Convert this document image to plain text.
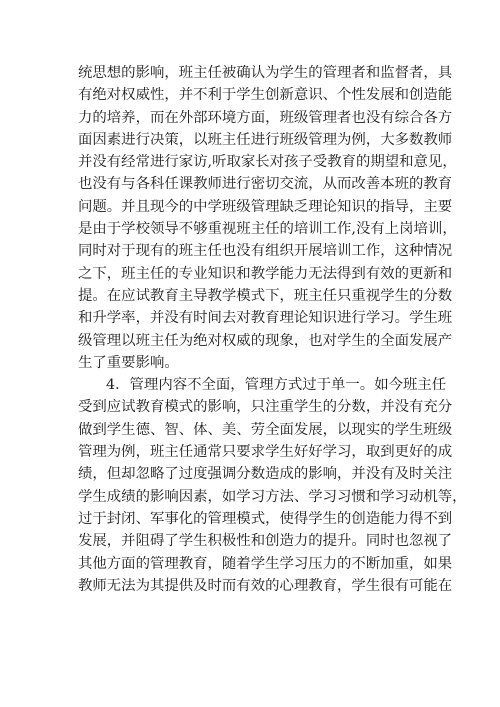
统思想的影响，班主任被确认为学生的管理者和监督者，具
有绝对权威性，并不利于学生创新意识、个性发展和创造能
力的培养，而在外部环境方面，班级管理者也没有综合各方
面因素进行决策，以班主任进行班级管理为例，大多数教师
并没有经常进行家访,听取家长对孩子受教育的期望和意见，
也没有与各科任课教师进行密切交流，从而改善本班的教育
问题。并且现今的中学班级管理缺乏理论知识的指导，主要
是由于学校领导不够重视班主任的培训工作,没有上岗培训，
同时对于现有的班主任也没有组织开展培训工作，这种情况
之下，班主任的专业知识和教学能力无法得到有效的更新和
提。在应试教育主导教学模式下，班主任只重视学生的分数
和升学率，并没有时间去对教育理论知识进行学习。学生班
级管理以班主任为绝对权威的现象，也对学生的全面发展产
生了重要影响。
4．管理内容不全面，管理方式过于单一。如今班主任
受到应试教育模式的影响，只注重学生的分数，并没有充分
做到学生德、智、体、美、劳全面发展，以现实的学生班级
管理为例，班主任通常只要求学生好好学习，取到更好的成
绩，但却忽略了过度强调分数造成的影响，并没有及时关注
学生成绩的影响因素，如学习方法、学习习惯和学习动机等，
过于封闭、军事化的管理模式，使得学生的创造能力得不到
发展，并阻碍了学生积极性和创造力的提升。同时也忽视了
其他方面的管理教育，随着学生学习压力的不断加重，如果
教师无法为其提供及时而有效的心理教育，学生很有可能在
